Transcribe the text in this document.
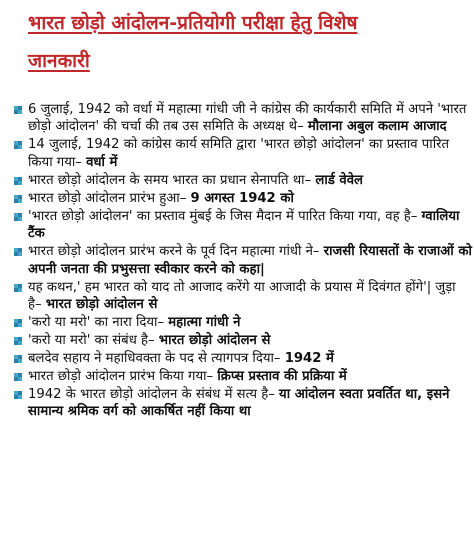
भारत छोड़ो आंदोलन-प्रतियोगी परीक्षा हेतु विशेष
जानकारी
6 जुलाई, 1942 को वर्धा में महात्मा गांधी जी ने कांग्रेस की कार्यकारी समिति में अपने 'भारत छोड़ो आंदोलन' की चर्चा की तब उस समिति के अध्यक्ष थे– मौलाना अबुल कलाम आजाद
14 जुलाई, 1942 को कांग्रेस कार्य समिति द्वारा 'भारत छोड़ो आंदोलन' का प्रस्ताव पारित किया गया– वर्धा में
भारत छोड़ो आंदोलन के समय भारत का प्रधान सेनापति था– लार्ड वेवेल
भारत छोड़ो आंदोलन प्रारंभ हुआ– 9 अगस्त 1942 को
'भारत छोड़ो आंदोलन' का प्रस्ताव मुंबई के जिस मैदान में पारित किया गया, वह है– ग्वालिया टैंक
भारत छोड़ो आंदोलन प्रारंभ करने के पूर्व दिन महात्मा गांधी ने– राजसी रियासतों के राजाओं को अपनी जनता की प्रभुसत्ता स्वीकार करने को कहा|
यह कथन,' हम भारत को याद तो आजाद करेंगे या आजादी के प्रयास में दिवंगत होंगे'| जुड़ा है– भारत छोड़ो आंदोलन से
'करो या मरो' का नारा दिया– महात्मा गांधी ने
'करो या मरो' का संबंध है– भारत छोड़ो आंदोलन से
बलदेव सहाय ने महाधिवक्ता के पद से त्यागपत्र दिया– 1942 में
भारत छोड़ो आंदोलन प्रारंभ किया गया– क्रिप्स प्रस्ताव की प्रक्रिया में
1942 के भारत छोड़ो आंदोलन के संबंध में सत्य है– या आंदोलन स्वता प्रवर्तित था, इसने सामान्य श्रमिक वर्ग को आकर्षित नहीं किया था
